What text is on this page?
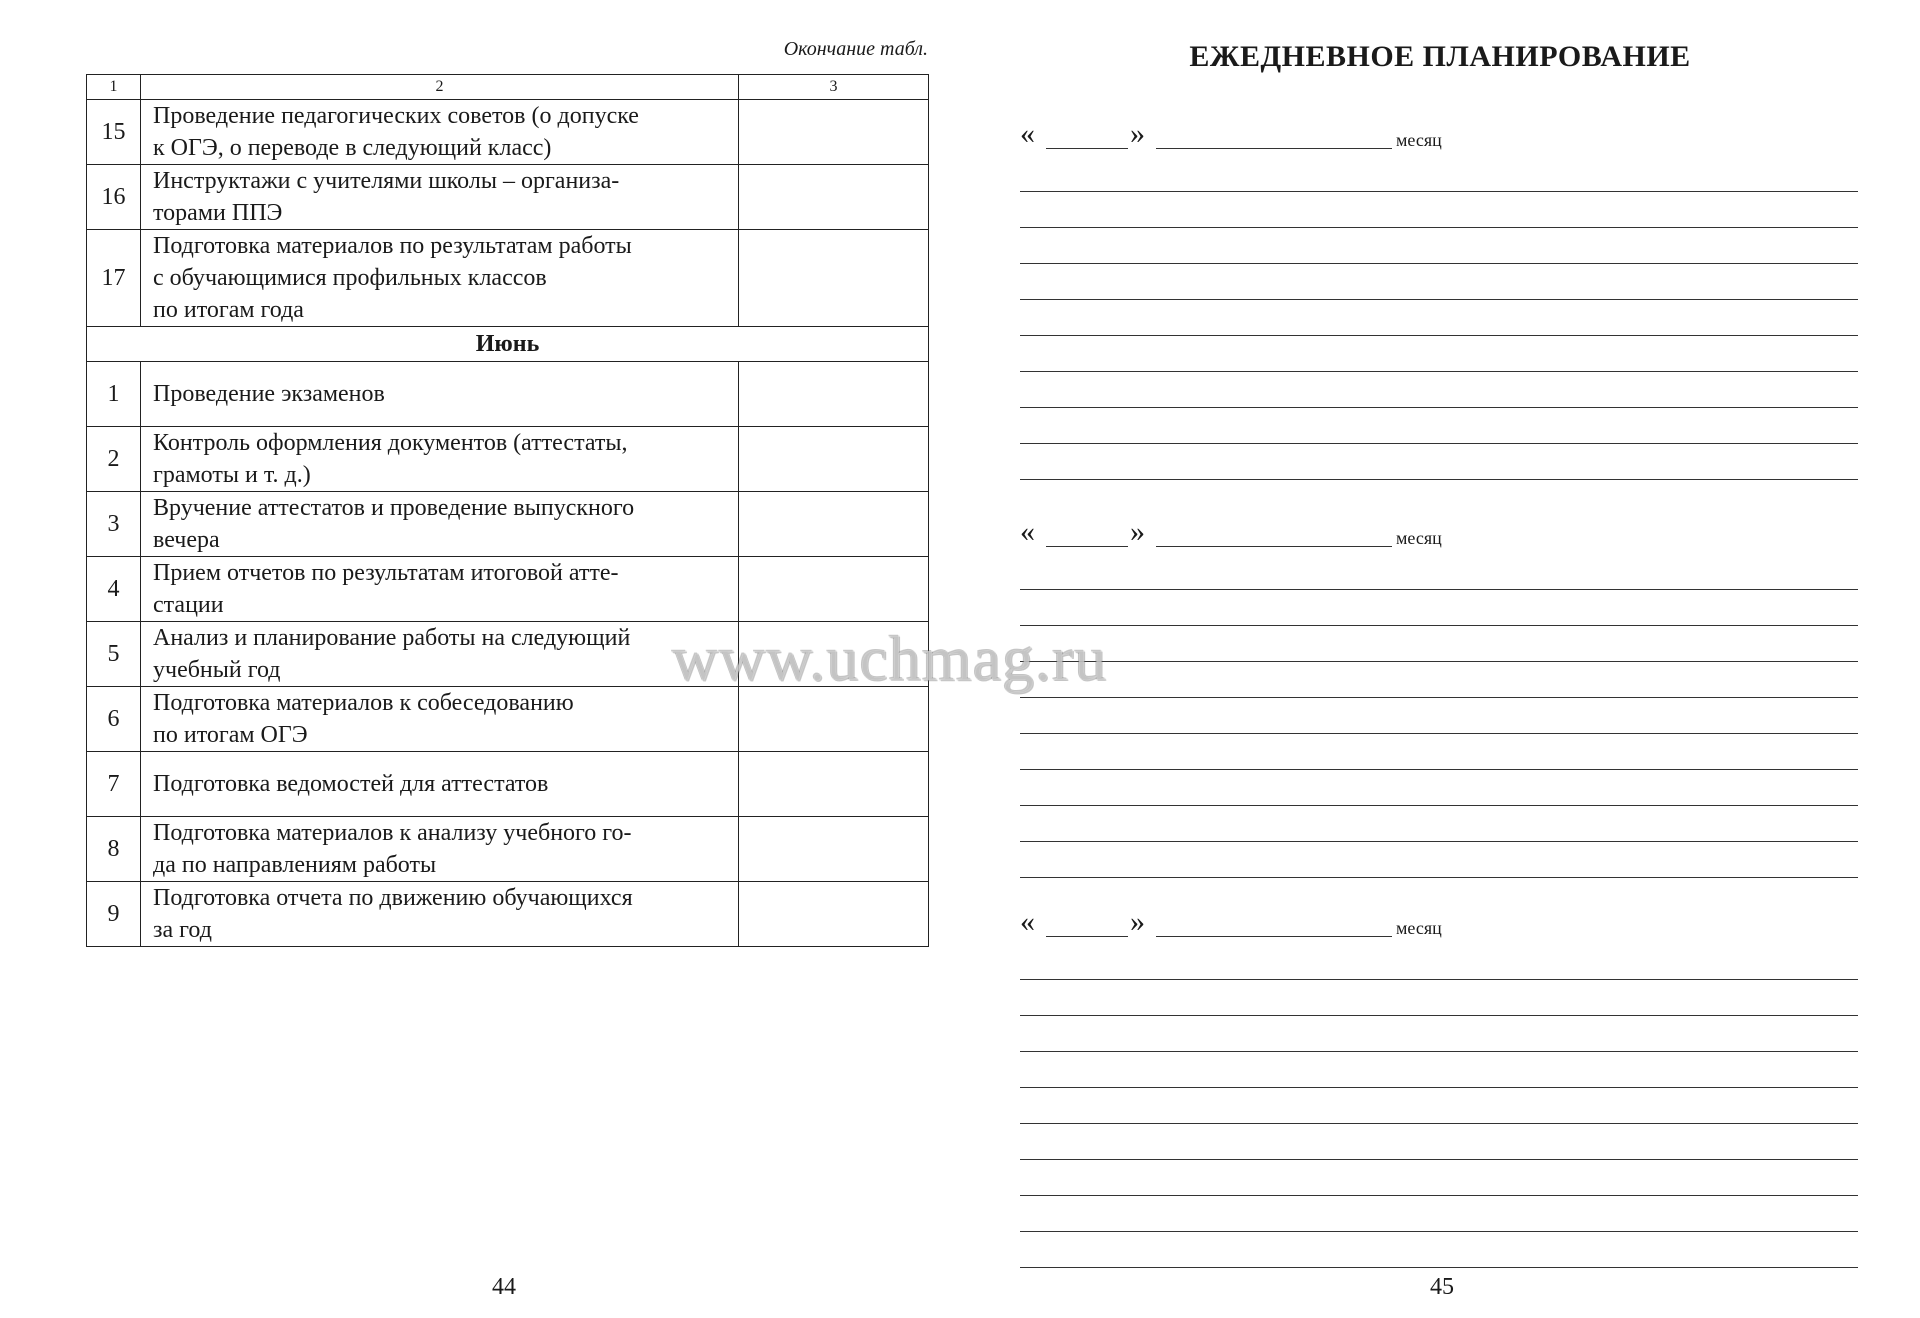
Окончание табл.
1	2	3
15	Проведение педагогических советов (о допуске
к ОГЭ, о переводе в следующий класс)	

16	Инструктажи с учителями школы – организа-
торами ППЭ	

17	Подготовка материалов по результатам работы
с обучающимися профильных классов
по итогам года	

Июнь		
1	Проведение экзаменов	

2	Контроль оформления документов (аттестаты,
грамоты и т. д.)	

3	Вручение аттестатов и проведение выпускного
вечера	

4	Прием отчетов по результатам итоговой атте-
стации	

5	Анализ и планирование работы на следующий
учебный год	

6	Подготовка материалов к собеседованию
по итогам ОГЭ	

7	Подготовка ведомостей для аттестатов	

8	Подготовка материалов к анализу учебного го-
да по направлениям работы	

9	Подготовка отчета по движению обучающихся
за год	

44
ЕЖЕДНЕВНОЕ ПЛАНИРОВАНИЕ
«	»	месяц
«	»	месяц
«	»	месяц
45
www.uchmag.ru
